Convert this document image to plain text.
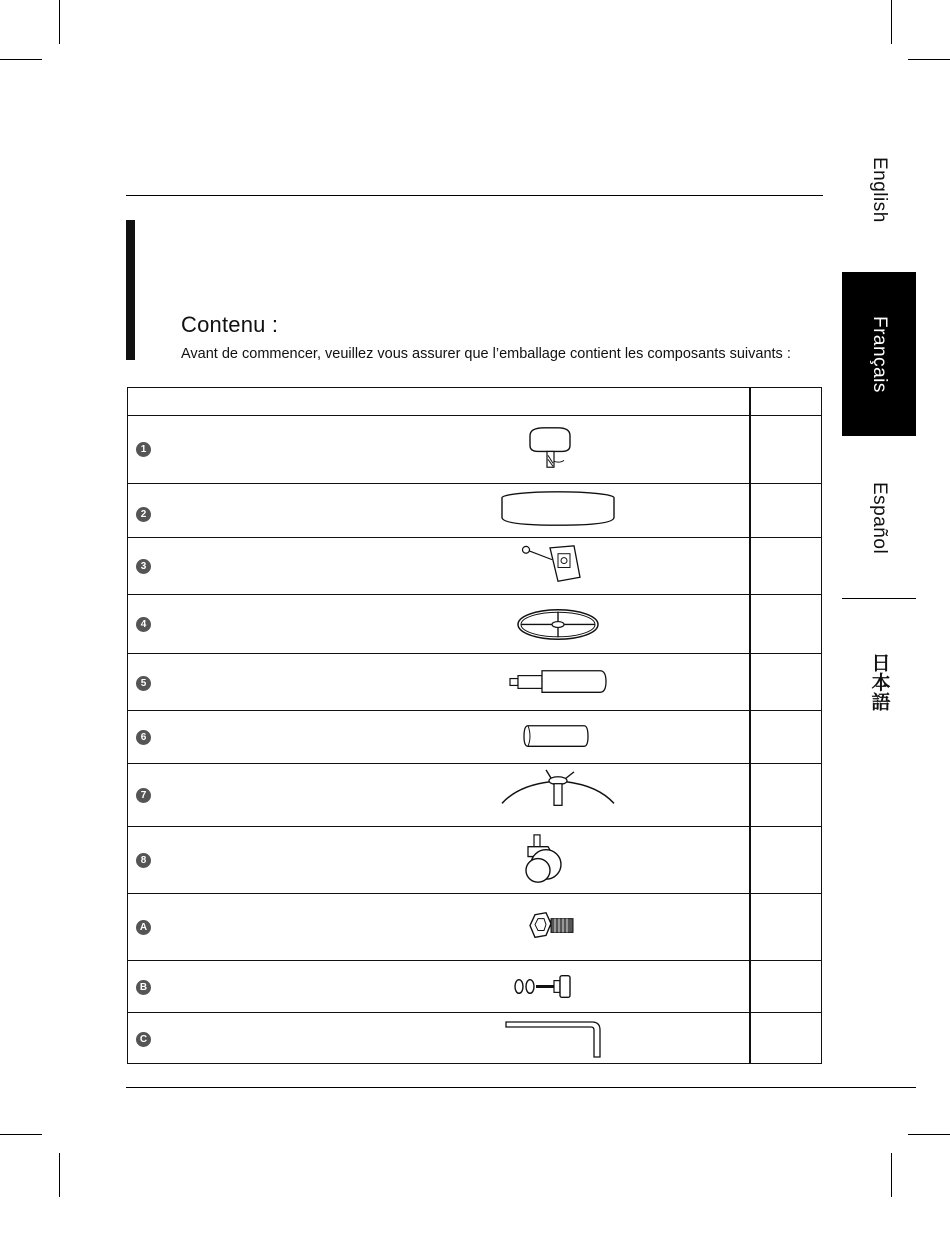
English
Français
Español
日本語
Contenu :

Avant de commencer, veuillez vous assurer que l’emballage contient les composants suivants :

1
2
3
4
5
6
7
8
A
B
C
